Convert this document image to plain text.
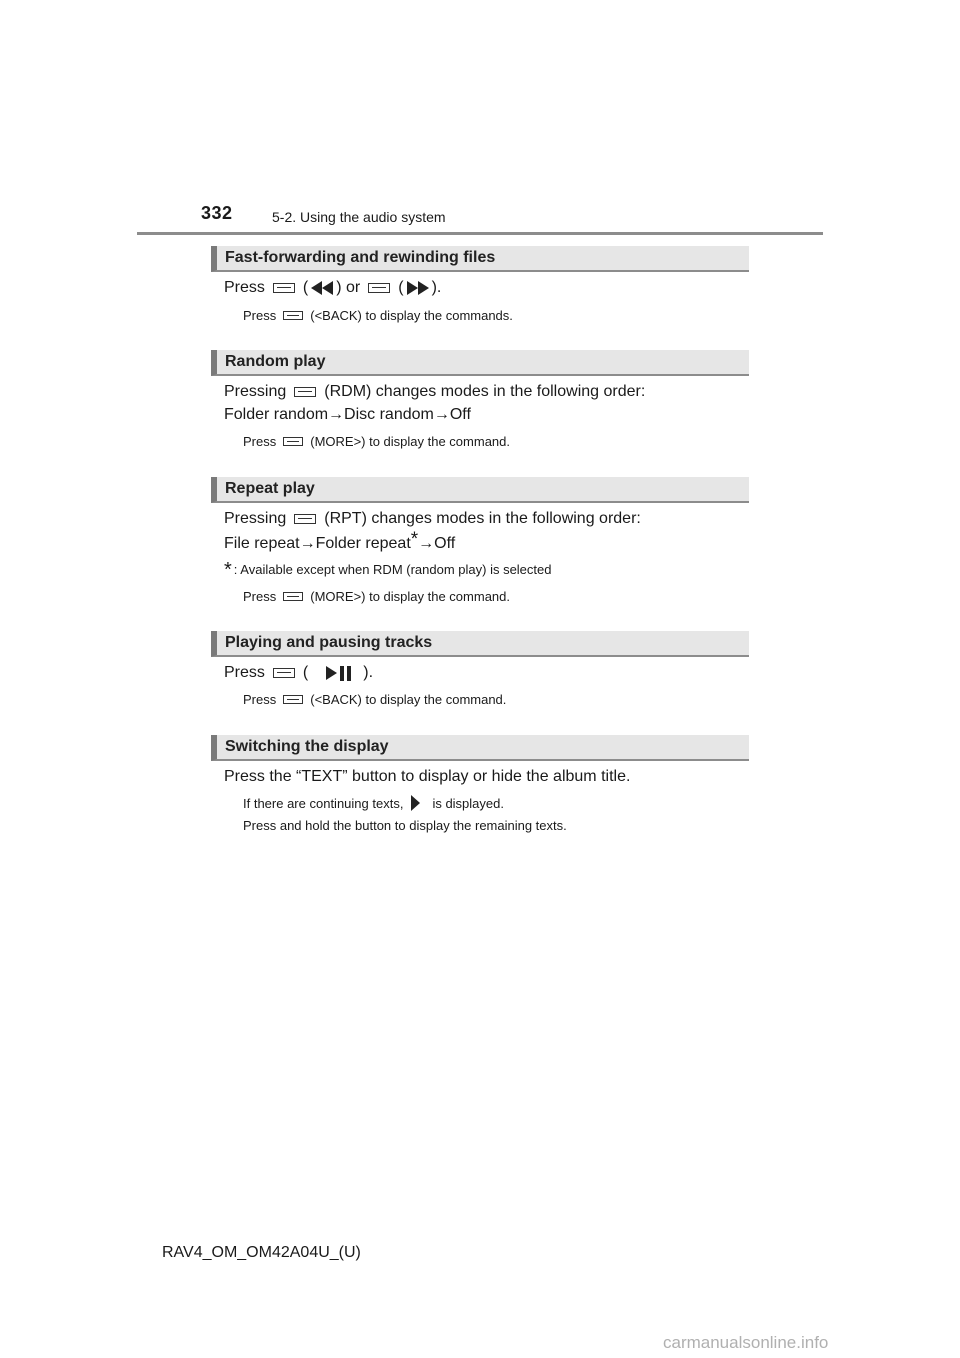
332	5-2. Using the audio system
Fast-forwarding and rewinding files
Press ( ) or ( ).
Press	(<BACK) to display the commands.
Random play
Pressing (RDM) changes modes in the following order:
Folder random→Disc random→Off
Press	(MORE>) to display the command.
Repeat play
Pressing (RPT) changes modes in the following order:
File repeat→Folder repeat * →Off
* : Available except when RDM (random play) is selected
Press	(MORE>) to display the command.
Playing and pausing tracks
Press (	).
Press	(<BACK) to display the command.
Switching the display
Press the “TEXT” button to display or hide the album title.
If there are continuing texts, is displayed.
Press and hold the button to display the remaining texts.
RAV4_OM_OM42A04U_(U)
carmanualsonline.info
